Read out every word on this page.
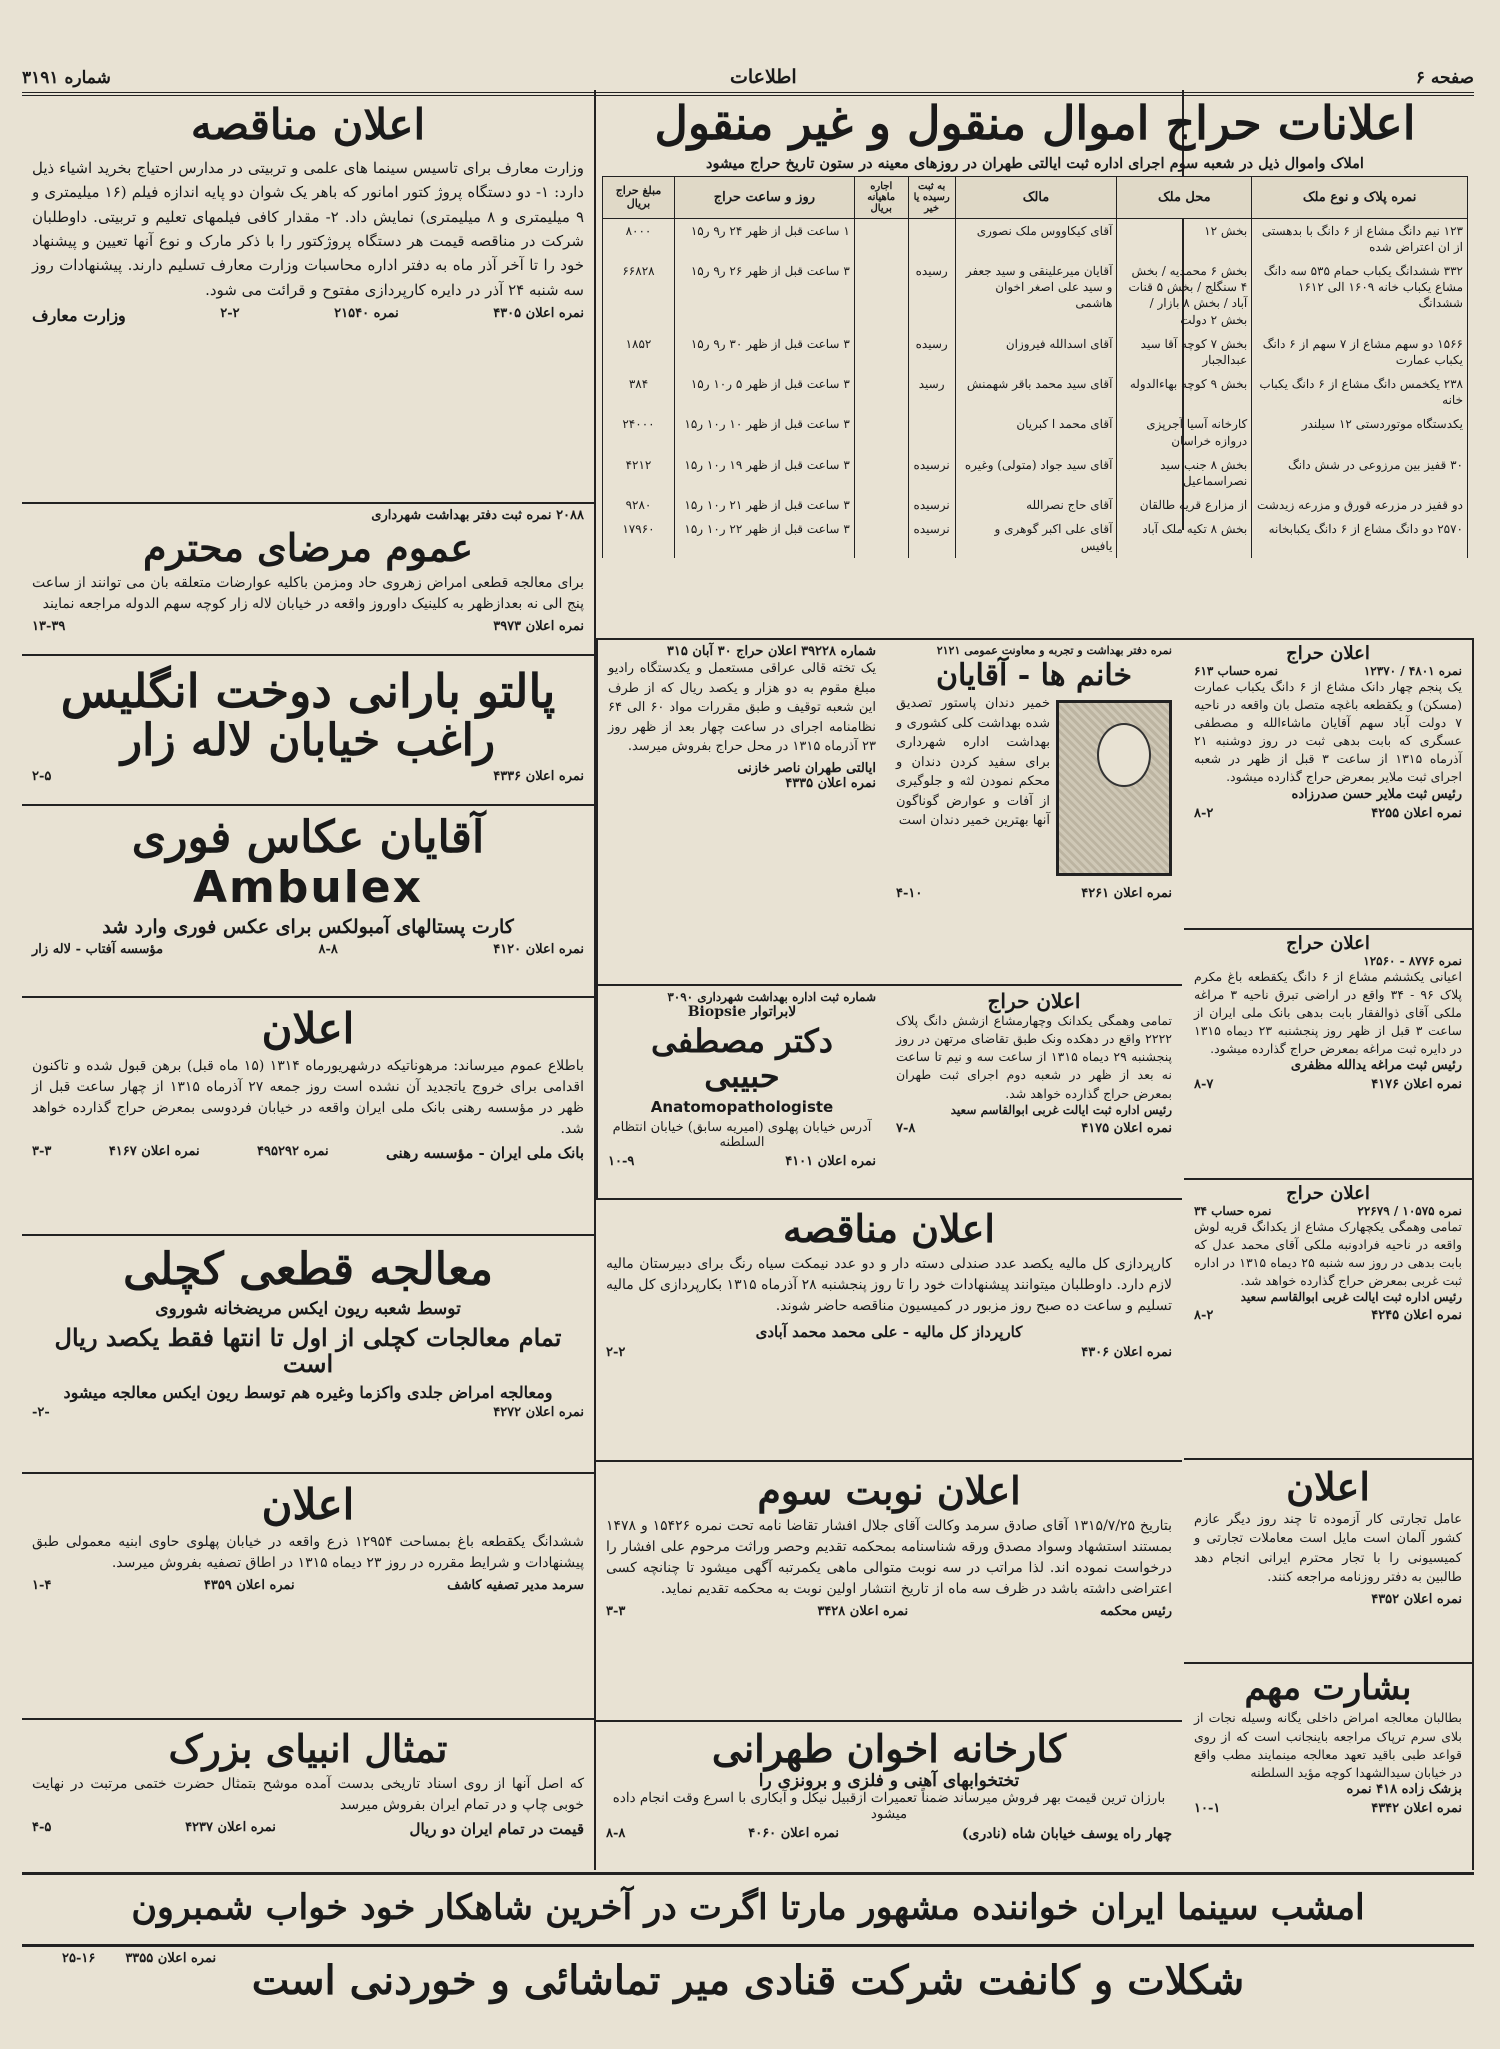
صفحه ۶
اطلاعات
شماره ۳۱۹۱
اعلان مناقصه
وزارت معارف برای تاسیس سینما های علمی و تربیتی در مدارس احتیاج بخرید اشیاء ذیل دارد: ۱- دو دستگاه پروژ کتور امانور که باهر یک شوان دو پایه اندازه فیلم (۱۶ میلیمتری و ۹ میلیمتری و ۸ میلیمتری) نمایش داد. ۲- مقدار کافی فیلمهای تعلیم و تربیتی. داوطلبان شرکت در مناقصه قیمت هر دستگاه پروژکتور را با ذکر مارک و نوع آنها تعیین و پیشنهاد خود را تا آخر آذر ماه به دفتر اداره محاسبات وزارت معارف تسلیم دارند. پیشنهادات روز سه شنبه ۲۴ آذر در دایره کارپردازی مفتوح و قرائت می شود.
نمره اعلان ۴۳۰۵
نمره ۲۱۵۴۰
۲-۲
وزارت معارف
۲۰۸۸ نمره ثبت دفتر بهداشت شهرداری
عموم مرضای محترم
برای معالجه قطعی امراض زهروی حاد ومزمن باکلیه عوارضات متعلقه بان می توانند از ساعت پنج الی نه بعدازظهر به کلینیک داوروز واقعه در خیابان لاله زار کوچه سهم الدوله مراجعه نمایند
نمره اعلان ۳۹۷۳
۱۳-۳۹
پالتو بارانی دوخت انگلیس
راغب خیابان لاله زار
نمره اعلان ۴۳۳۶
۲-۵
آقایان عکاس فوری
Ambulex
کارت پستالهای آمبولکس برای عکس فوری وارد شد
نمره اعلان ۴۱۲۰
۸-۸
مؤسسه آفتاب - لاله زار
اعلان
باطلاع عموم میرساند: مرهوناتیکه درشهریورماه ۱۳۱۴ (۱۵ ماه قبل) برهن قبول شده و تاکنون اقدامی برای خروج یاتجدید آن نشده است روز جمعه ۲۷ آذرماه ۱۳۱۵ از چهار ساعت قبل از ظهر در مؤسسه رهنی بانک ملی ایران واقعه در خیابان فردوسی بمعرض حراج گذارده خواهد شد.
بانک ملی ایران - مؤسسه رهنی
نمره ۴۹۵۲۹۲
نمره اعلان ۴۱۶۷
۳-۳
معالجه قطعی کچلی
توسط شعبه ریون ایکس مریضخانه شوروی
تمام معالجات کچلی از اول تا انتها فقط یکصد ریال است
ومعالجه امراض جلدی واکزما وغیره هم توسط ریون ایکس معالجه میشود
نمره اعلان ۴۲۷۲
-۲-
اعلان
ششدانگ یکقطعه باغ بمساحت ۱۲۹۵۴ ذرع واقعه در خیابان پهلوی حاوی ابنیه معمولی طبق پیشنهادات و شرایط مقرره در روز ۲۳ دیماه ۱۳۱۵ در اطاق تصفیه بفروش میرسد.
سرمد مدیر تصفیه کاشف
نمره اعلان ۴۳۵۹
۱-۴
تمثال انبیای بزرک
که اصل آنها از روی اسناد تاریخی بدست آمده موشح بتمثال حضرت ختمی مرتبت در نهایت خوبی چاپ و در تمام ایران بفروش میرسد
قیمت در تمام ایران دو ریال
نمره اعلان ۴۲۳۷
۴-۵
اعلانات حراج اموال منقول و غیر منقول
املاک واموال ذیل در شعبه سوم اجرای اداره ثبت ایالتی طهران در روزهای معینه در ستون تاریخ حراج میشود
نمره پلاک و نوع ملک	محل ملک	مالک	به ثبت رسیده یا خیر	اجاره ماهیانه بریال	روز و ساعت حراج	مبلغ حراج بریال
۱۲۳ نیم دانگ مشاع از ۶ دانگ با بدهستی از ان اعتراض شده	بخش ۱۲	آقای کیکاووس ملک نصوری			۱ ساعت قبل از ظهر ۲۴ ر۹ ر۱۵	۸۰۰۰
۳۳۲ ششدانگ یکباب حمام ۵۳۵ سه دانگ مشاع یکباب خانه ۱۶۰۹ الی ۱۶۱۲ ششدانگ	بخش ۶ محمدیه / بخش ۴ سنگلج / بخش ۵ قنات آباد / بخش ۸ بازار / بخش ۲ دولت	آقایان میرعلینقی و سید جعفر و سید علی اصغر اخوان هاشمی	رسیده		۳ ساعت قبل از ظهر ۲۶ ر۹ ر۱۵	۶۶۸۲۸
۱۵۶۶ دو سهم مشاع از ۷ سهم از ۶ دانگ یکباب عمارت	بخش ۷ کوچه آقا سید عبدالجبار	آقای اسدالله فیروزان	رسیده		۳ ساعت قبل از ظهر ۳۰ ر۹ ر۱۵	۱۸۵۲
۲۳۸ یکخمس دانگ مشاع از ۶ دانگ یکباب خانه	بخش ۹ کوچه بهاءالدوله	آقای سید محمد باقر شهمنش	رسید		۳ ساعت قبل از ظهر ۵ ر۱۰ ر۱۵	۳۸۴
یکدستگاه موتوردستی ۱۲ سیلندر	کارخانه آسیا آجرپزی دروازه خراسان	آقای محمد ا کبریان			۳ ساعت قبل از ظهر ۱۰ ر۱۰ ر۱۵	۲۴۰۰۰
۳۰ قفیز بین مرزوعی در شش دانگ	بخش ۸ جنب سید نصراسماعیل	آقای سید جواد (متولی) وغیره	نرسیده		۳ ساعت قبل از ظهر ۱۹ ر۱۰ ر۱۵	۴۲۱۲
دو قفیز در مزرعه قورق و مزرعه زیدشت	از مزارع قریه طالقان	آقای حاج نصرالله	نرسیده		۳ ساعت قبل از ظهر ۲۱ ر۱۰ ر۱۵	۹۲۸۰
۲۵۷۰ دو دانگ مشاع از ۶ دانگ یکبابخانه	بخش ۸ تکیه ملک آباد	آقای علی اکبر گوهری و یافیس	نرسیده		۳ ساعت قبل از ظهر ۲۲ ر۱۰ ر۱۵	۱۷۹۶۰
شماره ۳۹۲۲۸ اعلان حراج ۳۰ آبان ۳۱۵
یک تخته قالی عراقی مستعمل و یکدستگاه رادیو مبلغ مقوم به دو هزار و یکصد ریال که از طرف این شعبه توقیف و طبق مقررات مواد ۶۰ الی ۶۴ نظامنامه اجرای در ساعت چهار بعد از ظهر روز ۲۳ آذرماه ۱۳۱۵ در محل حراج بفروش میرسد.
ایالتی طهران ناصر خازنی
نمره اعلان ۴۳۳۵
نمره دفتر بهداشت و تجربه و معاونت عمومی ۲۱۲۱
خانم ها - آقایان
خمیر دندان پاستور تصدیق شده بهداشت کلی کشوری و بهداشت اداره شهرداری برای سفید کردن دندان و محکم نمودن لثه و جلوگیری از آفات و عوارض گوناگون آنها بهترین خمیر دندان است
نمره اعلان ۴۲۶۱
۴-۱۰
شماره ثبت اداره بهداشت شهرداری ۳۰۹۰
لابراتوار Biopsie
دکتر مصطفی حبیبی
Anatomopathologiste
آدرس خیابان پهلوی (امیریه سابق) خیابان انتظام السلطنه
نمره اعلان ۴۱۰۱
۱۰-۹
اعلان حراج
تمامی وهمگی یکدانک وچهارمشاع ازشش دانگ پلاک ۲۲۲۲ واقع در دهکده ونک طبق تقاضای مرتهن در روز پنجشنبه ۲۹ دیماه ۱۳۱۵ از ساعت سه و نیم تا ساعت نه بعد از ظهر در شعبه دوم اجرای ثبت طهران بمعرض حراج گذارده خواهد شد.
رئیس اداره ثبت ایالت غربی ابوالقاسم سعید
نمره اعلان ۴۱۷۵
۷-۸
اعلان مناقصه
کارپردازی کل مالیه یکصد عدد صندلی دسته دار و دو عدد نیمکت سیاه رنگ برای دبیرستان مالیه لازم دارد. داوطلبان میتوانند پیشنهادات خود را تا روز پنجشنبه ۲۸ آذرماه ۱۳۱۵ بکارپردازی کل مالیه تسلیم و ساعت ده صبح روز مزبور در کمیسیون مناقصه حاضر شوند.
کارپرداز کل مالیه - علی محمد محمد آبادی
نمره اعلان ۴۳۰۶
۲-۲
اعلان نوبت سوم
بتاریخ ۱۳۱۵/۷/۲۵ آقای صادق سرمد وکالت آقای جلال افشار تقاضا نامه تحت نمره ۱۵۴۲۶ و ۱۴۷۸ بمستند استشهاد وسواد مصدق ورقه شناسنامه بمحکمه تقدیم وحصر وراثت مرحوم علی افشار را درخواست نموده اند. لذا مراتب در سه نوبت متوالی ماهی یکمرتبه آگهی میشود تا چنانچه کسی اعتراضی داشته باشد در ظرف سه ماه از تاریخ انتشار اولین نوبت به محکمه تقدیم نماید.
رئیس محکمه
نمره اعلان ۳۴۲۸
۳-۳
کارخانه اخوان طهرانی
تختخوابهای آهنی و فلزی و برونزی را
بارزان ترین قیمت بهر فروش میرساند ضمناً تعمیرات ازقبیل نیکل و آبکاری با اسرع وقت انجام داده میشود
چهار راه یوسف خیابان شاه (نادری)
نمره اعلان ۴۰۶۰
۸-۸
اعلان حراج
نمره ۴۸۰۱ / ۱۲۳۷۰
نمره حساب ۶۱۳
یک پنجم چهار دانک مشاع از ۶ دانگ یکباب عمارت (مسکن) و یکقطعه باغچه متصل بان واقعه در ناحیه ۷ دولت آباد سهم آقایان ماشاءالله و مصطفی عسگری که بابت بدهی ثبت در روز دوشنبه ۲۱ آذرماه ۱۳۱۵ از ساعت ۳ قبل از ظهر در شعبه اجرای ثبت ملایر بمعرض حراج گذارده میشود.
رئیس ثبت ملایر حسن صدرزاده
نمره اعلان ۴۲۵۵
۸-۲
اعلان حراج
نمره ۸۷۷۶ - ۱۲۵۶۰
اعیانی یکششم مشاع از ۶ دانگ یکقطعه باغ مکرم پلاک ۹۶ - ۳۴ واقع در اراضی تبرق ناحیه ۳ مراغه ملکی آقای ذوالفقار بابت بدهی بانک ملی ایران از ساعت ۳ قبل از ظهر روز پنجشنبه ۲۳ دیماه ۱۳۱۵ در دایره ثبت مراغه بمعرض حراج گذارده میشود.
رئیس ثبت مراغه یدالله مظفری
نمره اعلان ۴۱۷۶
۸-۷
اعلان حراج
نمره ۱۰۵۷۵ / ۲۲۶۷۹
نمره حساب ۳۴
تمامی وهمگی یکچهارک مشاع از یکدانگ قریه لوش واقعه در ناحیه فرادونبه ملکی آقای محمد عدل که بابت بدهی در روز سه شنبه ۲۵ دیماه ۱۳۱۵ در اداره ثبت غربی بمعرض حراج گذارده خواهد شد.
رئیس اداره ثبت ایالت غربی ابوالقاسم سعید
نمره اعلان ۴۲۴۵
۸-۲
اعلان
عامل تجارتی کار آزموده تا چند روز دیگر عازم کشور آلمان است مایل است معاملات تجارتی و کمیسیونی را با تجار محترم ایرانی انجام دهد طالبین به دفتر روزنامه مراجعه کنند.
نمره اعلان ۴۳۵۲
بشارت مهم
بطالبان معالجه امراض داخلی یگانه وسیله نجات از بلای سرم ترپاک مراجعه باینجانب است که از روی قواعد طبی باقید تعهد معالجه مینمایند مطب واقع در خیابان سیدالشهدا کوچه مؤید السلطنه
بزشک زاده ۴۱۸ نمره
نمره اعلان ۴۳۴۲
۱۰-۱
امشب سینما ایران خواننده مشهور مارتا اگرت در آخرین شاهکار خود خواب شمبرون
شکلات و کانفت شرکت قنادی میر تماشائی و خوردنی است
نمره اعلان ۳۳۵۵
۲۵-۱۶
